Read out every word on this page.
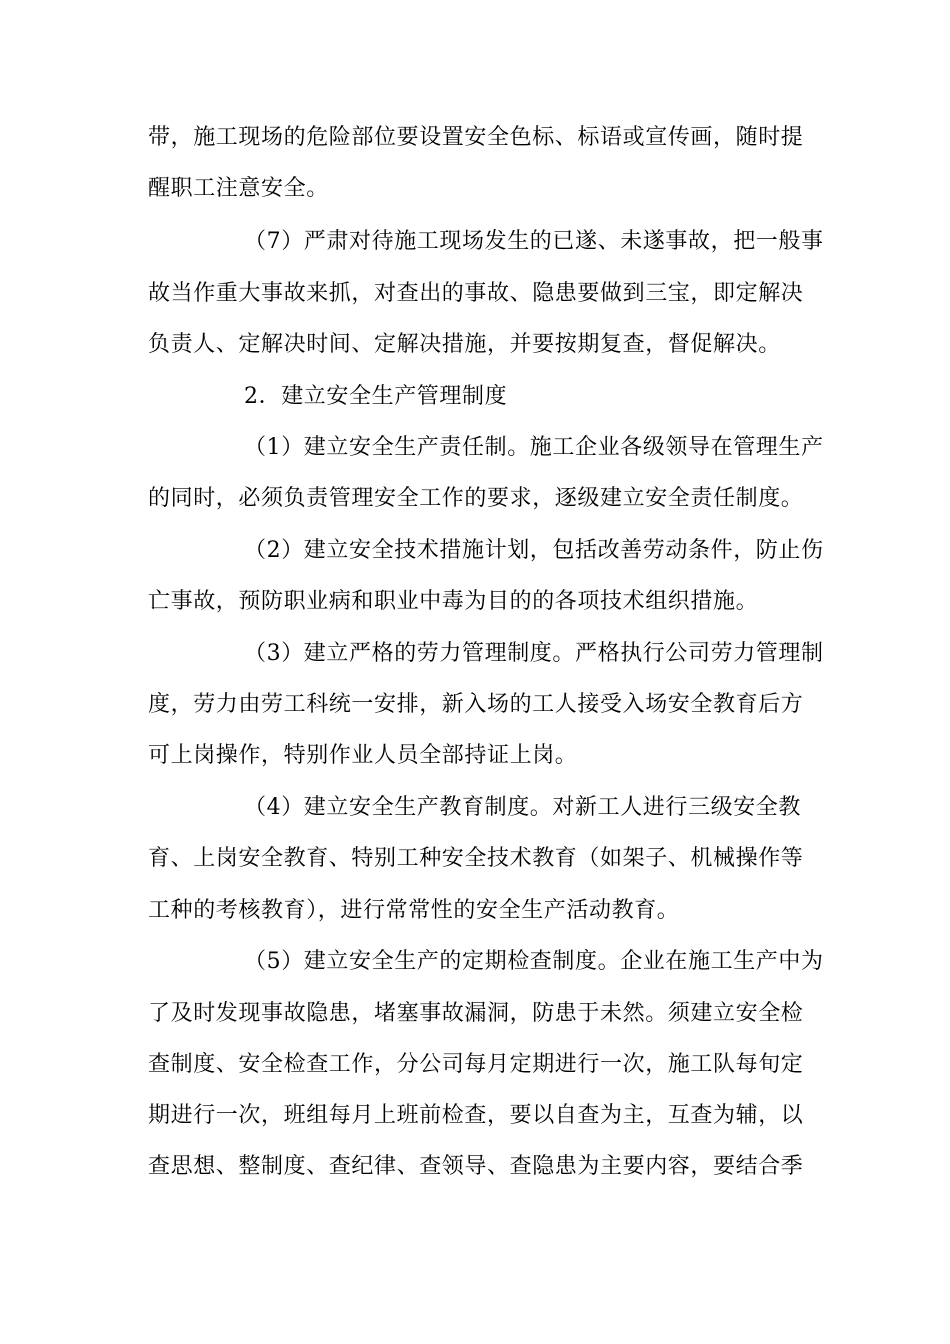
带，施工现场的危险部位要设置安全色标、标语或宣传画，随时提
醒职工注意安全。
（7）严肃对待施工现场发生的已遂、未遂事故，把一般事
故当作重大事故来抓，对查出的事故、隐患要做到三宝，即定解决
负责人、定解决时间、定解决措施，并要按期复查，督促解决。
2．建立安全生产管理制度
（1）建立安全生产责任制。施工企业各级领导在管理生产
的同时，必须负责管理安全工作的要求，逐级建立安全责任制度。
（2）建立安全技术措施计划，包括改善劳动条件，防止伤
亡事故，预防职业病和职业中毒为目的的各项技术组织措施。
（3）建立严格的劳力管理制度。严格执行公司劳力管理制
度，劳力由劳工科统一安排，新入场的工人接受入场安全教育后方
可上岗操作，特别作业人员全部持证上岗。
（4）建立安全生产教育制度。对新工人进行三级安全教
育、上岗安全教育、特别工种安全技术教育（如架子、机械操作等
工种的考核教育），进行常常性的安全生产活动教育。
（5）建立安全生产的定期检查制度。企业在施工生产中为
了及时发现事故隐患，堵塞事故漏洞，防患于未然。须建立安全检
查制度、安全检查工作，分公司每月定期进行一次，施工队每旬定
期进行一次，班组每月上班前检查，要以自查为主，互查为辅，以
查思想、整制度、查纪律、查领导、查隐患为主要内容，要结合季
